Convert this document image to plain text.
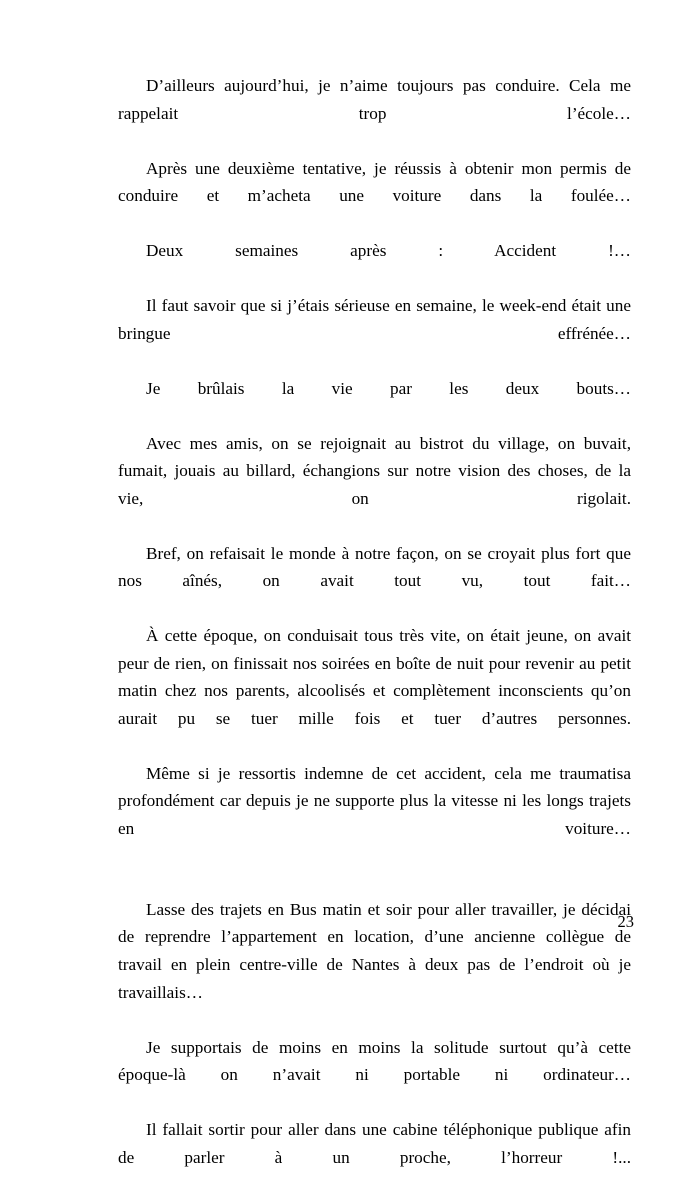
D’ailleurs aujourd’hui, je n’aime toujours pas conduire. Cela me rappelait trop l’école…

Après une deuxième tentative, je réussis à obtenir mon permis de conduire et m’acheta une voiture dans la foulée…

Deux semaines après : Accident !…

Il faut savoir que si j’étais sérieuse en semaine, le week-end était une bringue effrénée…

Je brûlais la vie par les deux bouts…

Avec mes amis, on se rejoignait au bistrot du village, on buvait, fumait, jouais au billard, échangions sur notre vision des choses, de la vie, on rigolait.

Bref, on refaisait le monde à notre façon, on se croyait plus fort que nos aînés, on avait tout vu, tout fait…

À cette époque, on conduisait tous très vite, on était jeune, on avait peur de rien, on finissait nos soirées en boîte de nuit pour revenir au petit matin chez nos parents, alcoolisés et complètement inconscients qu’on aurait pu se tuer mille fois et tuer d’autres personnes.

Même si je ressortis indemne de cet accident, cela me traumatisa profondément car depuis je ne supporte plus la vitesse ni les longs trajets en voiture…

Lasse des trajets en Bus matin et soir pour aller travailler, je décidai de reprendre l’appartement en location, d’une ancienne collègue de travail en plein centre-ville de Nantes à deux pas de l’endroit où je travaillais…

Je supportais de moins en moins la solitude surtout qu’à cette époque-là on n’avait ni portable ni ordinateur…

Il fallait sortir pour aller dans une cabine téléphonique publique afin de parler à un proche, l’horreur !...

23
